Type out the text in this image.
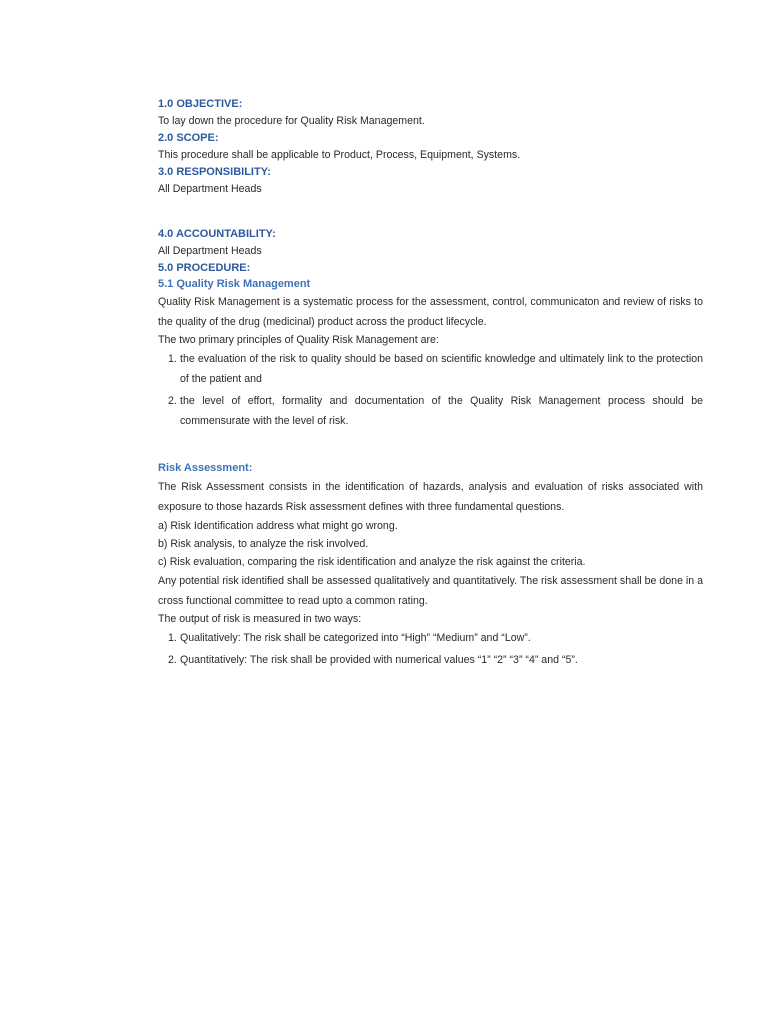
1.0 OBJECTIVE:

To lay down the procedure for Quality Risk Management.

2.0 SCOPE:

This procedure shall be applicable to Product, Process, Equipment, Systems.

3.0 RESPONSIBILITY:

All Department Heads

4.0 ACCOUNTABILITY:

All Department Heads

5.0 PROCEDURE:

5.1 Quality Risk Management

Quality Risk Management is a systematic process for the assessment, control, communicaton and review of risks to the quality of the drug (medicinal) product across the product lifecycle.

The two primary principles of Quality Risk Management are:

1. the evaluation of the risk to quality should be based on scientific knowledge and ultimately link to the protection of the patient and
2. the level of effort, formality and documentation of the Quality Risk Management process should be commensurate with the level of risk.

Risk Assessment:

The Risk Assessment consists in the identification of hazards, analysis and evaluation of risks associated with exposure to those hazards Risk assessment defines with three fundamental questions.

a) Risk Identification address what might go wrong.

b) Risk analysis, to analyze the risk involved.

c) Risk evaluation, comparing the risk identification and analyze the risk against the criteria.

Any potential risk identified shall be assessed qualitatively and quantitatively. The risk assessment shall be done in a cross functional committee to read upto a common rating.

The output of risk is measured in two ways:

1. Qualitatively: The risk shall be categorized into “High” “Medium” and “Low”.
2. Quantitatively: The risk shall be provided with numerical values “1” “2” “3” “4” and “5”.
